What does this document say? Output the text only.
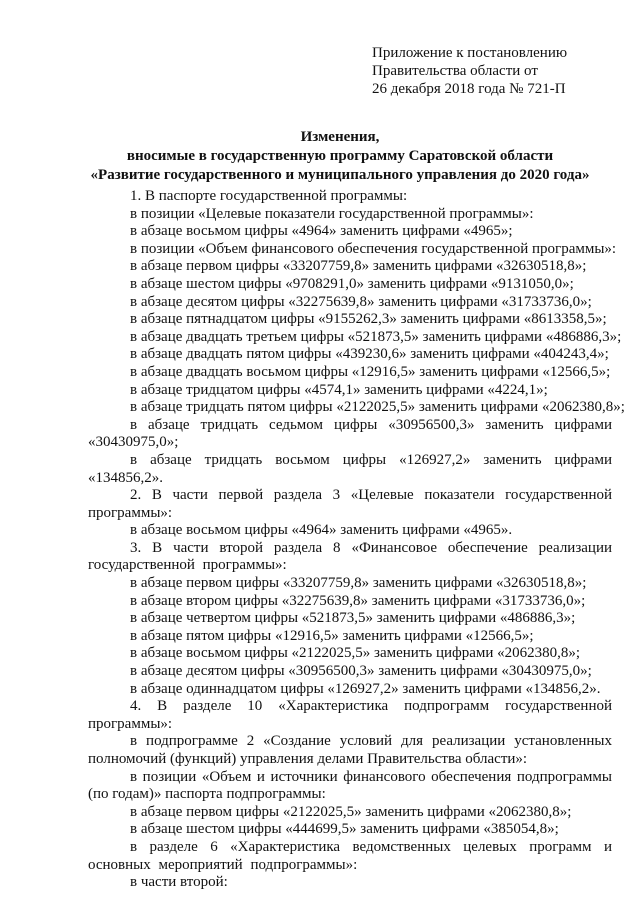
Приложение к постановлению
Правительства области от
26 декабря 2018 года № 721-П
Изменения,
вносимые в государственную программу Саратовской области
«Развитие государственного и муниципального управления до 2020 года»
1. В паспорте государственной программы:
в позиции «Целевые показатели государственной программы»:
в абзаце восьмом цифры «4964» заменить цифрами «4965»;
в позиции «Объем финансового обеспечения государственной программы»:
в абзаце первом цифры «33207759,8» заменить цифрами «32630518,8»;
в абзаце шестом цифры «9708291,0» заменить цифрами «9131050,0»;
в абзаце десятом цифры «32275639,8» заменить цифрами «31733736,0»;
в абзаце пятнадцатом цифры «9155262,3» заменить цифрами «8613358,5»;
в абзаце двадцать третьем цифры «521873,5» заменить цифрами «486886,3»;
в абзаце двадцать пятом цифры «439230,6» заменить цифрами «404243,4»;
в абзаце двадцать восьмом цифры «12916,5» заменить цифрами «12566,5»;
в абзаце тридцатом цифры «4574,1» заменить цифрами «4224,1»;
в абзаце тридцать пятом цифры «2122025,5» заменить цифрами «2062380,8»;
в абзаце тридцать седьмом цифры «30956500,3» заменить цифрами «30430975,0»;
в абзаце тридцать восьмом цифры «126927,2» заменить цифрами «134856,2».
2. В части первой раздела 3 «Целевые показатели государственной программы»:
в абзаце восьмом цифры «4964» заменить цифрами «4965».
3. В части второй раздела 8 «Финансовое обеспечение реализации государственной программы»:
в абзаце первом цифры «33207759,8» заменить цифрами «32630518,8»;
в абзаце втором цифры «32275639,8» заменить цифрами «31733736,0»;
в абзаце четвертом цифры «521873,5» заменить цифрами «486886,3»;
в абзаце пятом цифры «12916,5» заменить цифрами «12566,5»;
в абзаце восьмом цифры «2122025,5» заменить цифрами «2062380,8»;
в абзаце десятом цифры «30956500,3» заменить цифрами «30430975,0»;
в абзаце одиннадцатом цифры «126927,2» заменить цифрами «134856,2».
4. В разделе 10 «Характеристика подпрограмм государственной программы»:
в подпрограмме 2 «Создание условий для реализации установленных полномочий (функций) управления делами Правительства области»:
в позиции «Объем и источники финансового обеспечения подпрограммы (по годам)» паспорта подпрограммы:
в абзаце первом цифры «2122025,5» заменить цифрами «2062380,8»;
в абзаце шестом цифры «444699,5» заменить цифрами «385054,8»;
в разделе 6 «Характеристика ведомственных целевых программ и основных мероприятий подпрограммы»:
в части второй:
